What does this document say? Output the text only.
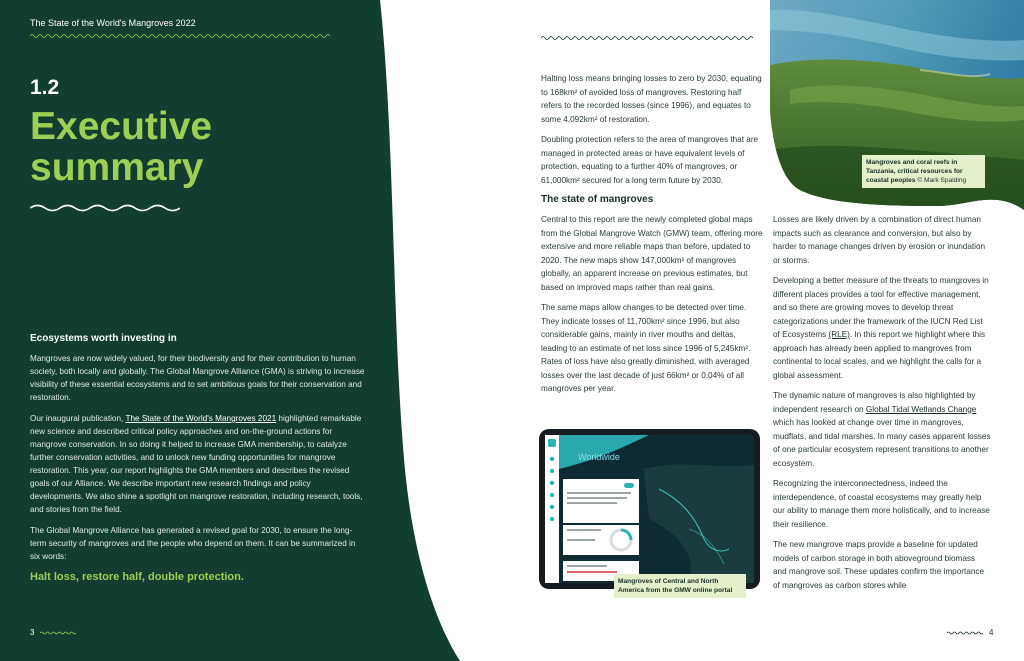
The State of the World's Mangroves 2022
1.2
Executive
summary
Ecosystems worth investing in

Mangroves are now widely valued, for their biodiversity and for their contribution to human society, both locally and globally. The Global Mangrove Alliance (GMA) is striving to increase visibility of these essential ecosystems and to set ambitious goals for their conservation and restoration.

Our inaugural publication, The State of the World's Mangroves 2021 highlighted remarkable new science and described critical policy approaches and on-the-ground actions for mangrove conservation. In so doing it helped to increase GMA membership, to catalyze further conservation activities, and to unlock new funding opportunities for mangrove restoration. This year, our report highlights the GMA members and describes the revised goals of our Alliance. We describe important new research findings and policy developments. We also shine a spotlight on mangrove restoration, including research, tools, and stories from the field.

The Global Mangrove Alliance has generated a revised goal for 2030, to ensure the long-term security of mangroves and the people who depend on them. It can be summarized in six words:

Halt loss, restore half, double protection.
3

Halting loss means bringing losses to zero by 2030, equating to 168km² of avoided loss of mangroves. Restoring half refers to the recorded losses (since 1996), and equates to some 4,092km² of restoration.

Doubling protection refers to the area of mangroves that are managed in protected areas or have equivalent levels of protection, equating to a further 40% of mangroves, or 61,000km² secured for a long term future by 2030.

The state of mangroves

Central to this report are the newly completed global maps from the Global Mangrove Watch (GMW) team, offering more extensive and more reliable maps than before, updated to 2020. The new maps show 147,000km² of mangroves globally, an apparent increase on previous estimates, but based on improved maps rather than real gains.

The same maps allow changes to be detected over time. They indicate losses of 11,700km² since 1996, but also considerable gains, mainly in river mouths and deltas, leading to an estimate of net loss since 1996 of 5,245km². Rates of loss have also greatly diminished, with averaged losses over the last decade of just 66km² or 0.04% of all mangroves per year.

Losses are likely driven by a combination of direct human impacts such as clearance and conversion, but also by harder to manage changes driven by erosion or inundation or storms.

Developing a better measure of the threats to mangroves in different places provides a tool for effective management, and so there are growing moves to develop threat categorizations under the framework of the IUCN Red List of Ecosystems (RLE). In this report we highlight where this approach has already been applied to mangroves from continental to local scales, and we highlight the calls for a global assessment.

The dynamic nature of mangroves is also highlighted by independent research on Global Tidal Wetlands Change which has looked at change over time in mangroves, mudflats, and tidal marshes. In many cases apparent losses of one particular ecosystem represent transitions to another ecosystem.

Recognizing the interconnectedness, indeed the interdependence, of coastal ecosystems may greatly help our ability to manage them more holistically, and to increase their resilience.

The new mangrove maps provide a baseline for updated models of carbon storage in both aboveground biomass and mangrove soil. These updates confirm the importance of mangroves as carbon stores while

Mangroves and coral reefs in Tanzania, critical resources for coastal peoples © Mark Spalding
Worldwide
Mangroves of Central and North America from the GMW online portal
4
